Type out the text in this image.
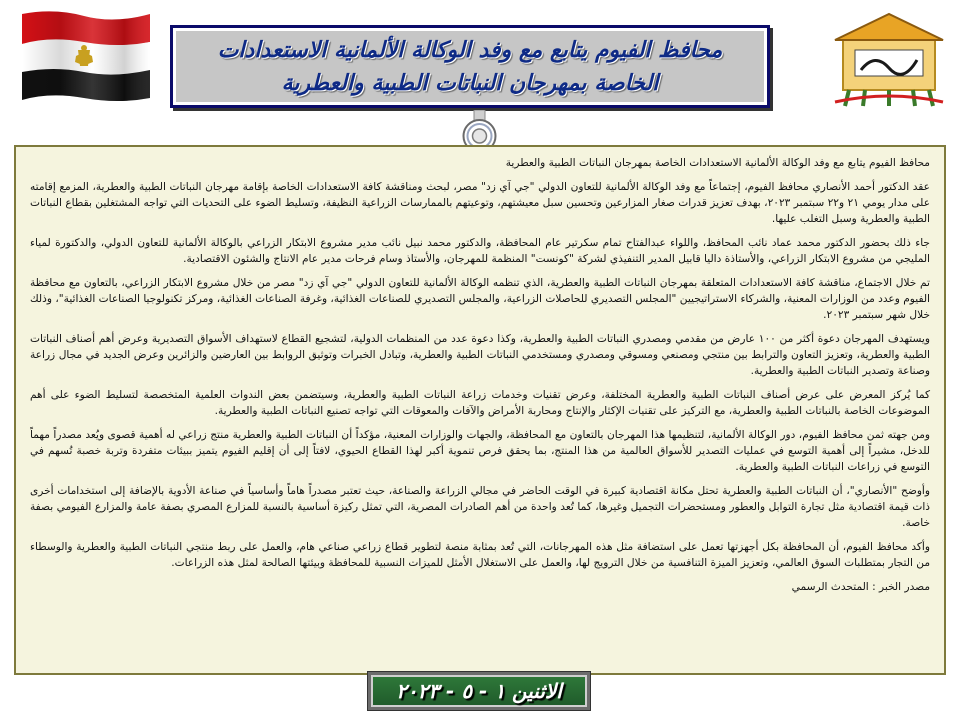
محافظ الفيوم يتابع مع وفد الوكالة الألمانية الاستعدادات الخاصة بمهرجان النباتات الطبية والعطرية

محافظ الفيوم يتابع مع وفد الوكالة الألمانية الاستعدادات الخاصة بمهرجان النباتات الطبية والعطرية

عقد الدكتور أحمد الأنصاري محافظ الفيوم، إجتماعاً مع وفد الوكالة الألمانية للتعاون الدولي "جي آي زد" مصر، لبحث ومناقشة كافة الاستعدادات الخاصة بإقامة مهرجان النباتات الطبية والعطرية، المزمع إقامته على مدار يومي ٢١ و٢٢ سبتمبر ٢٠٢٣، بهدف تعزيز قدرات صغار المزارعين وتحسين سبل معيشتهم، وتوعيتهم بالممارسات الزراعية النظيفة، وتسليط الضوء على التحديات التي تواجه المشتغلين بقطاع النباتات الطبية والعطرية وسبل التغلب عليها.

جاء ذلك بحضور الدكتور محمد عماد نائب المحافظ، واللواء عبدالفتاح تمام سكرتير عام المحافظة، والدكتور محمد نبيل نائب مدير مشروع الابتكار الزراعي بالوكالة الألمانية للتعاون الدولي، والدكتورة لمياء المليجي من مشروع الابتكار الزراعي، والأستاذة داليا قابيل المدير التنفيذي لشركة "كونست" المنظمة للمهرجان، والأستاذ وسام فرحات مدير عام الانتاج والشئون الاقتصادية.

تم خلال الاجتماع، مناقشة كافة الاستعدادات المتعلقة بمهرجان النباتات الطبية والعطرية، الذي تنظمه الوكالة الألمانية للتعاون الدولي "جي آي زد" مصر من خلال مشروع الابتكار الزراعي، بالتعاون مع محافظة الفيوم وعدد من الوزارات المعنية، والشركاء الاستراتيجيين "المجلس التصديري للحاصلات الزراعية، والمجلس التصديري للصناعات الغذائية، وغرفة الصناعات الغذائية، ومركز تكنولوجيا الصناعات الغذائية"، وذلك خلال شهر سبتمبر ٢٠٢٣.

ويستهدف المهرجان دعوة أكثر من ١٠٠ عارض من مقدمي ومصدري النباتات الطبية والعطرية، وكذا دعوة عدد من المنظمات الدولية، لتشجيع القطاع لاستهداف الأسواق التصديرية وعرض أهم أصناف النباتات الطبية والعطرية، وتعزيز التعاون والترابط بين منتجي ومصنعي ومسوقي ومصدري ومستخدمي النباتات الطبية والعطرية، وتبادل الخبرات وتوثيق الروابط بين العارضين والزائرين وعرض الجديد في مجال زراعة وصناعة وتصدير النباتات الطبية والعطرية.

كما يُركز المعرض على عرض أصناف النباتات الطبية والعطرية المختلفة، وعرض تقنيات وخدمات زراعة النباتات الطبية والعطرية، وسيتضمن بعض الندوات العلمية المتخصصة لتسليط الضوء على أهم الموضوعات الخاصة بالنباتات الطبية والعطرية، مع التركيز على تقنيات الإكثار والإنتاج ومحاربة الأمراض والآفات والمعوقات التي تواجه تصنيع النباتات الطبية والعطرية.

ومن جهته ثمن محافظ الفيوم، دور الوكالة الألمانية، لتنظيمها هذا المهرجان بالتعاون مع المحافظة، والجهات والوزارات المعنية، مؤكداً أن النباتات الطبية والعطرية منتج زراعي له أهمية قصوى ويُعد مصدراً مهماً للدخل، مشيراً إلى أهمية التوسع في عمليات التصدير للأسواق العالمية من هذا المنتج، بما يحقق فرص تنموية أكبر لهذا القطاع الحيوي، لافتاً إلى أن إقليم الفيوم يتميز ببيئات متفردة وتربة خصبة تُسهم في التوسع في زراعات النباتات الطبية والعطرية.

وأوضح "الأنصاري"، أن النباتات الطبية والعطرية تحتل مكانة اقتصادية كبيرة في الوقت الحاضر في مجالي الزراعة والصناعة، حيث تعتبر مصدراً هاماً وأساسياً في صناعة الأدوية بالإضافة إلى استخدامات أخرى ذات قيمة اقتصادية مثل تجارة التوابل والعطور ومستحضرات التجميل وغيرها، كما تُعد واحدة من أهم الصادرات المصرية، التي تمثل ركيزة أساسية بالنسبة للمزارع المصري بصفة عامة والمزارع الفيومي بصفة خاصة.

وأكد محافظ الفيوم، أن المحافظة بكل أجهزتها تعمل على استضافة مثل هذه المهرجانات، التي تُعد بمثابة منصة لتطوير قطاع زراعي صناعي هام، والعمل على ربط منتجي النباتات الطبية والعطرية والوسطاء من التجار بمتطلبات السوق العالمي، وتعزيز الميزة التنافسية من خلال الترويج لها، والعمل على الاستغلال الأمثل للميزات النسبية للمحافظة وبيئتها الصالحة لمثل هذه الزراعات.

مصدر الخبر : المتحدث الرسمي

الاثنين ١ - ٥ - ٢٠٢٣
